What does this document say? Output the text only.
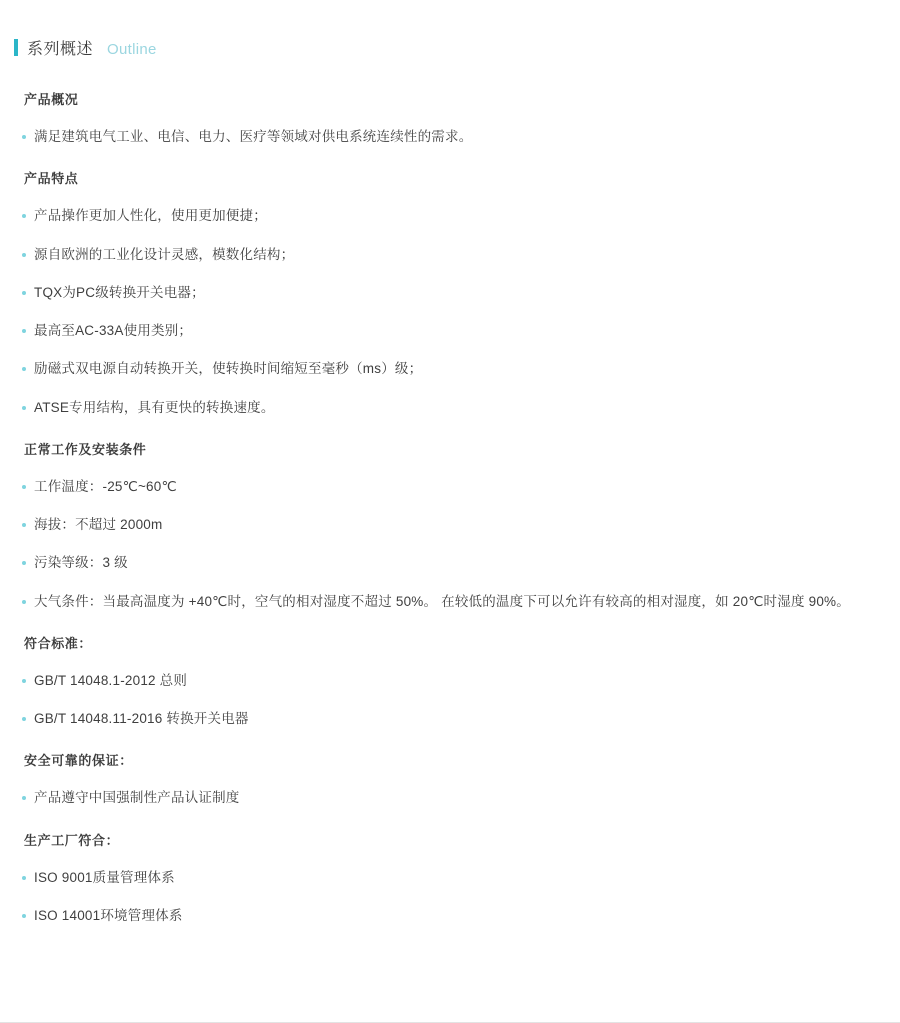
系列概述 Outline
产品概况
满足建筑电气工业、电信、电力、医疗等领域对供电系统连续性的需求。
产品特点
产品操作更加人性化，使用更加便捷；
源自欧洲的工业化设计灵感，模数化结构；
TQX为PC级转换开关电器；
最高至AC-33A使用类别；
励磁式双电源自动转换开关，使转换时间缩短至毫秒（ms）级；
ATSE专用结构，具有更快的转换速度。
正常工作及安装条件
工作温度：-25℃~60℃
海拔：不超过 2000m
污染等级：3 级
大气条件：当最高温度为 +40℃时，空气的相对湿度不超过 50%。 在较低的温度下可以允许有较高的相对湿度，如 20℃时湿度 90%。
符合标准：
GB/T 14048.1-2012 总则
GB/T 14048.11-2016 转换开关电器
安全可靠的保证：
产品遵守中国强制性产品认证制度
生产工厂符合：
ISO 9001质量管理体系
ISO 14001环境管理体系
